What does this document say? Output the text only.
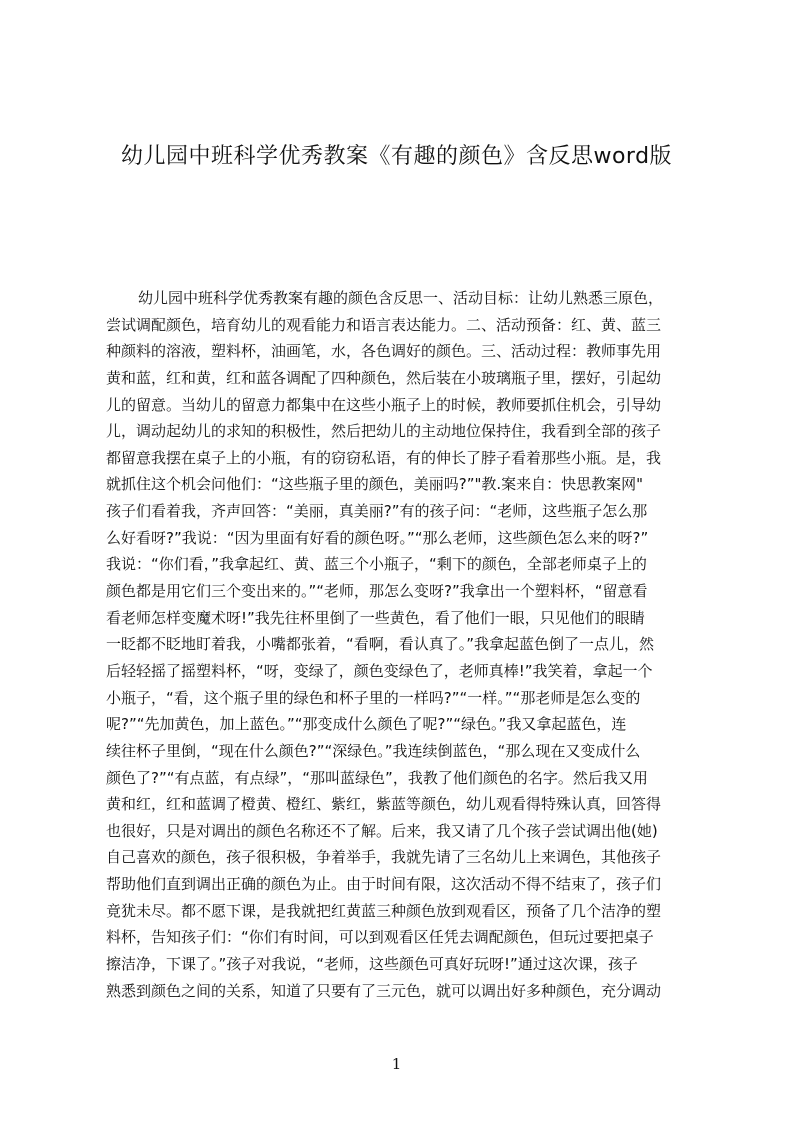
幼儿园中班科学优秀教案《有趣的颜色》含反思word版
幼儿园中班科学优秀教案有趣的颜色含反思一、活动目标：让幼儿熟悉三原色，
尝试调配颜色，培育幼儿的观看能力和语言表达能力。二、活动预备：红、黄、蓝三
种颜料的溶液，塑料杯，油画笔，水，各色调好的颜色。三、活动过程：教师事先用
黄和蓝，红和黄，红和蓝各调配了四种颜色，然后装在小玻璃瓶子里，摆好，引起幼
儿的留意。当幼儿的留意力都集中在这些小瓶子上的时候，教师要抓住机会，引导幼
儿，调动起幼儿的求知的积极性，然后把幼儿的主动地位保持住，我看到全部的孩子
都留意我摆在桌子上的小瓶，有的窃窃私语，有的伸长了脖子看着那些小瓶。是，我
就抓住这个机会问他们：“这些瓶子里的颜色，美丽吗?”"教.案来自：快思教案网"
孩子们看着我，齐声回答：“美丽，真美丽?”有的孩子问：“老师，这些瓶子怎么那
么好看呀?”我说：“因为里面有好看的颜色呀。”“那么老师，这些颜色怎么来的呀?”
我说：“你们看，”我拿起红、黄、蓝三个小瓶子，“剩下的颜色，全部老师桌子上的
颜色都是用它们三个变出来的。”“老师，那怎么变呀?”我拿出一个塑料杯，“留意看
看老师怎样变魔术呀!”我先往杯里倒了一些黄色，看了他们一眼，只见他们的眼睛
一眨都不眨地盯着我，小嘴都张着，“看啊，看认真了。”我拿起蓝色倒了一点儿，然
后轻轻摇了摇塑料杯，“呀，变绿了，颜色变绿色了，老师真棒!”我笑着，拿起一个
小瓶子，“看，这个瓶子里的绿色和杯子里的一样吗?”“一样。”“那老师是怎么变的
呢?”“先加黄色，加上蓝色。”“那变成什么颜色了呢?”“绿色。”我又拿起蓝色，连
续往杯子里倒，“现在什么颜色?”“深绿色。”我连续倒蓝色，“那么现在又变成什么
颜色了?”“有点蓝，有点绿”，“那叫蓝绿色”，我教了他们颜色的名字。然后我又用
黄和红，红和蓝调了橙黄、橙红、紫红，紫蓝等颜色，幼儿观看得特殊认真，回答得
也很好，只是对调出的颜色名称还不了解。后来，我又请了几个孩子尝试调出他(她)
自己喜欢的颜色，孩子很积极，争着举手，我就先请了三名幼儿上来调色，其他孩子
帮助他们直到调出正确的颜色为止。由于时间有限，这次活动不得不结束了，孩子们
竟犹未尽。都不愿下课，是我就把红黄蓝三种颜色放到观看区，预备了几个洁净的塑
料杯，告知孩子们：“你们有时间，可以到观看区任凭去调配颜色，但玩过要把桌子
擦洁净，下课了。”孩子对我说，“老师，这些颜色可真好玩呀!”通过这次课，孩子
熟悉到颜色之间的关系，知道了只要有了三元色，就可以调出好多种颜色，充分调动
1
